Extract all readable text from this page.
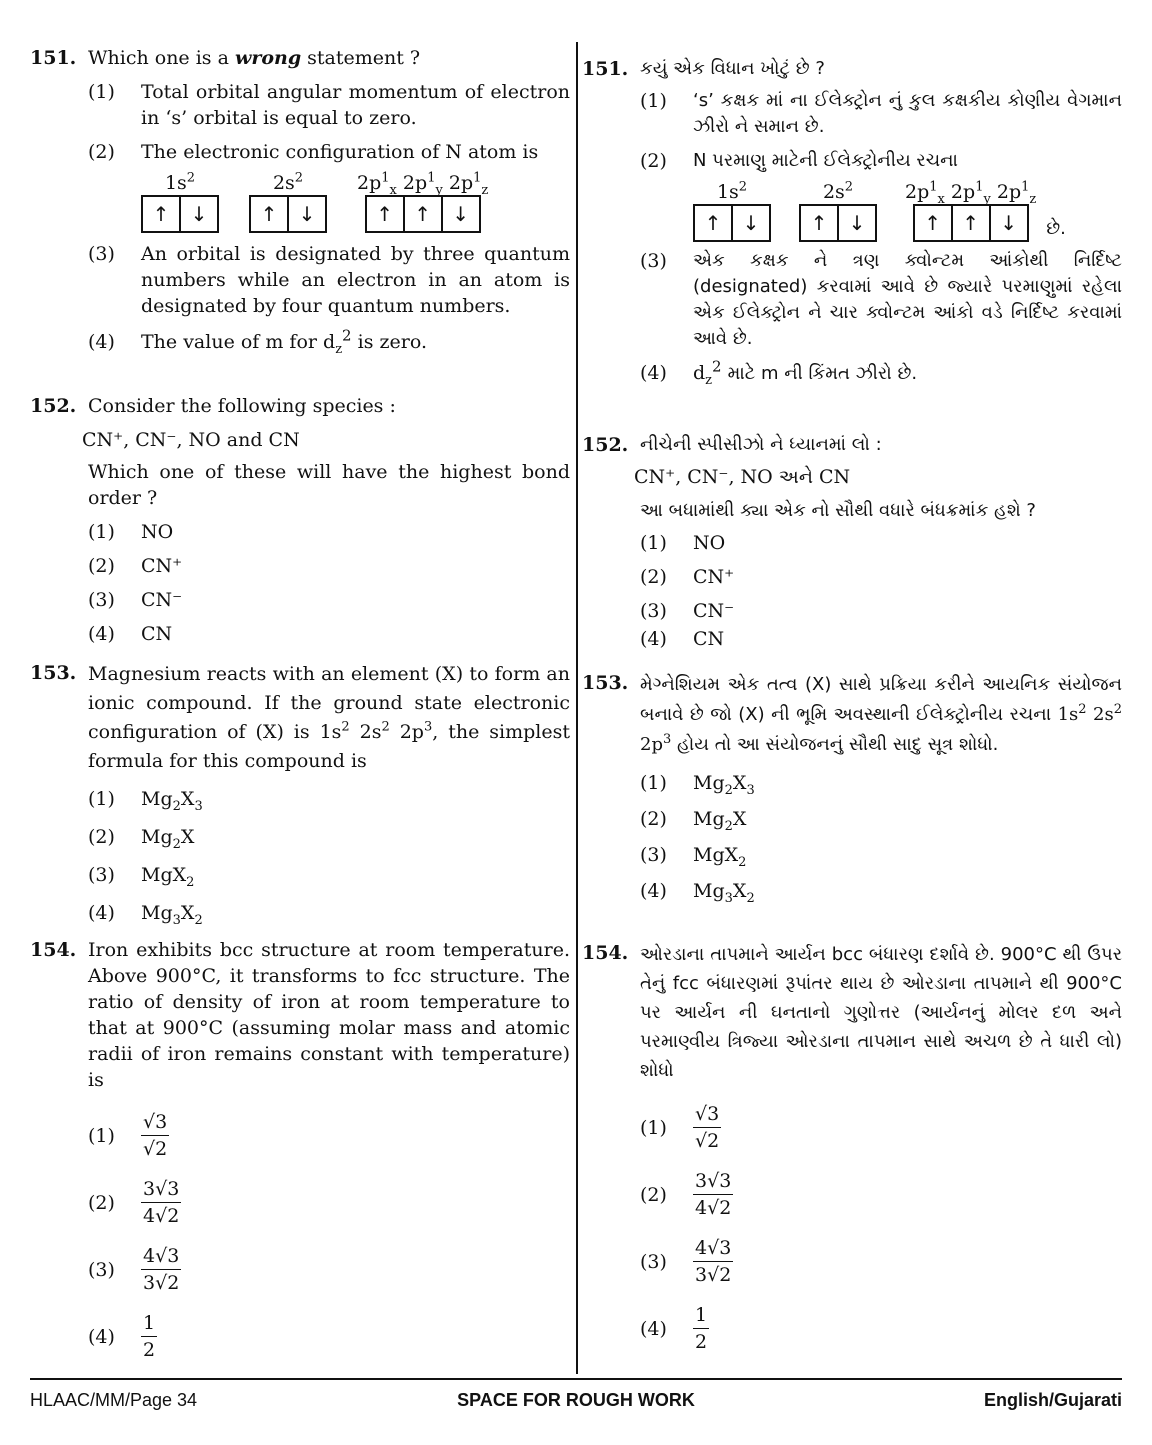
151. Which one is a wrong statement ?
(1) Total orbital angular momentum of electron in ‘s’ orbital is equal to zero.
(2) The electronic configuration of N atom is
$1s^2$
↑	↓
$2s^2$
↑	↓
$2p^1_x$ $2p^1_y$ $2p^1_z$
↑	↑	↓
(3) An orbital is designated by three quantum numbers while an electron in an atom is designated by four quantum numbers.
(4) The value of m for $d_z^2$ is zero.
152. Consider the following species :
CN⁺, CN⁻, NO and CN
Which one of these will have the highest bond order ?
(1) NO
(2) CN⁺
(3) CN⁻
(4) CN
153. Magnesium reacts with an element (X) to form an ionic compound. If the ground state electronic configuration of (X) is $1s^2$ $2s^2$ $2p^3$, the simplest formula for this compound is
(1) $Mg_2X_3$
(2) $Mg_2X$
(3) MgX$_2$
(4) $Mg_3X_2$
154. Iron exhibits bcc structure at room temperature. Above 900°C, it transforms to fcc structure. The ratio of density of iron at room temperature to that at 900°C (assuming molar mass and atomic radii of iron remains constant with temperature) is
$(1) \frac{√3}{√2}$
$(2) \frac{3√3}{4√2}$
$(3) \frac{4√3}{3√2}$
$(4) \frac{1}{2}$
151. કયું એક વિધાન ખોટું છે ?
(1) ‘s’ કક્ષક માં ના ઈલેક્ટ્રોન નું કુલ કક્ષકીય કોણીય વેગમાન ઝીરો ને સમાન છે.
(2) N પરમાણુ માટેની ઈલેક્ટ્રોનીય રચના
$1s^2$
↑	↓
$2s^2$
↑	↓
$2p^1_x$ $2p^1_y$ $2p^1_z$
↑	↑	↓	છે.
(3) એક કક્ષક ને ત્રણ ક્વોન્ટમ આંકોથી નિર્દિષ્ટ (designated) કરવામાં આવે છે જ્યારે પરમાણુમાં રહેલા એક ઈલેક્ટ્રોન ને ચાર ક્વોન્ટમ આંકો વડે નિર્દિષ્ટ કરવામાં આવે છે.
(4) $d_z^2$ માટે m ની કિંમત ઝીરો છે.
152. નીચેની સ્પીસીઝો ને ધ્યાનમાં લો :
CN⁺, CN⁻, NO અને CN
આ બધામાંથી ક્યા એક નો સૌથી વધારે બંધક્રમાંક હશે ?
(1) NO
(2) CN⁺
(3) CN⁻
(4) CN
153. મેગ્નેશિયમ એક તત્વ (X) સાથે પ્રક્રિયા કરીને આયનિક સંયોજન બનાવે છે જો (X) ની ભૂમિ અવસ્થાની ઈલેક્ટ્રોનીય રચના $1s^2$ $2s^2$ $2p^3$ હોય તો આ સંયોજનનું સૌથી સાદુ સૂત્ર શોધો.
(1) $Mg_2X_3$
(2) $Mg_2X$
(3) MgX$_2$
(4) $Mg_3X_2$
154. ઓરડાના તાપમાને આર્યન bcc બંધારણ દર્શાવે છે. 900°C થી ઉપર તેનું fcc બંધારણમાં રૂપાંતર થાય છે ઓરડાના તાપમાને થી 900°C પર આર્યન ની ઘનતાનો ગુણોત્તર (આર્યનનું મોલર દળ અને પરમાણ્વીય ત્રિજ્યા ઓરડાના તાપમાન સાથે અચળ છે તે ધારી લો) શોધો
$(1) \frac{√3}{√2}$
$(2) \frac{3√3}{4√2}$
$(3) \frac{4√3}{3√2}$
$(4) \frac{1}{2}$
HLAAC/MM/Page 34	SPACE FOR ROUGH WORK	English/Gujarati
